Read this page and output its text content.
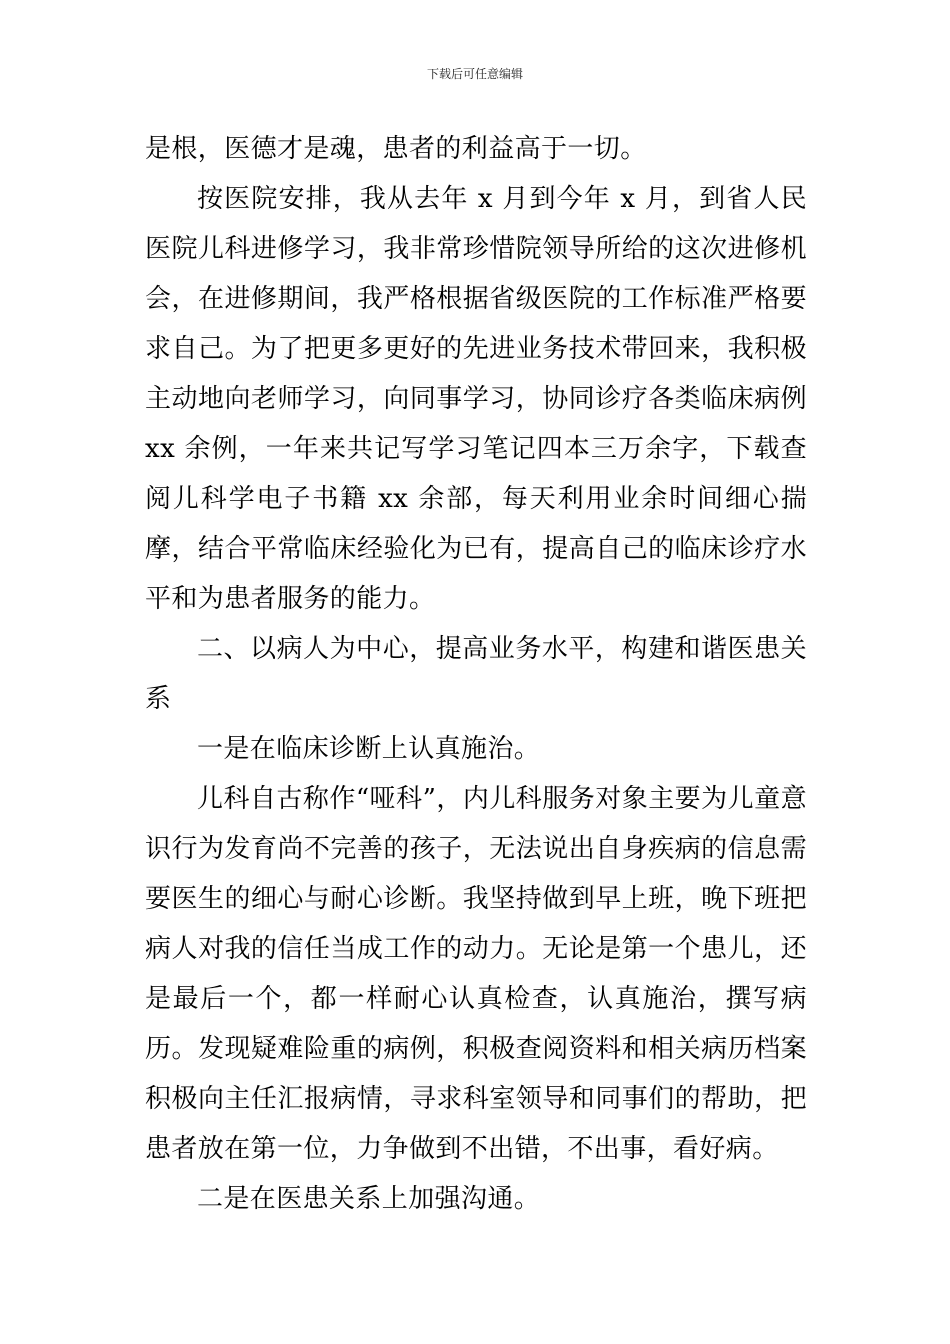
下载后可任意编辑

是根，医德才是魂，患者的利益高于一切。

按医院安排，我从去年 x 月到今年 x 月，到省人民医院儿科进修学习，我非常珍惜院领导所给的这次进修机会，在进修期间，我严格根据省级医院的工作标准严格要求自己。为了把更多更好的先进业务技术带回来，我积极主动地向老师学习，向同事学习，协同诊疗各类临床病例 xx 余例，一年来共记写学习笔记四本三万余字，下载查阅儿科学电子书籍 xx 余部，每天利用业余时间细心揣摩，结合平常临床经验化为已有，提高自己的临床诊疗水平和为患者服务的能力。

二、以病人为中心，提高业务水平，构建和谐医患关系

一是在临床诊断上认真施治。

儿科自古称作“哑科”，内儿科服务对象主要为儿童意识行为发育尚不完善的孩子，无法说出自身疾病的信息需要医生的细心与耐心诊断。我坚持做到早上班，晚下班把病人对我的信任当成工作的动力。无论是第一个患儿，还是最后一个，都一样耐心认真检查，认真施治，撰写病历。发现疑难险重的病例，积极查阅资料和相关病历档案积极向主任汇报病情，寻求科室领导和同事们的帮助，把患者放在第一位，力争做到不出错，不出事，看好病。

二是在医患关系上加强沟通。
